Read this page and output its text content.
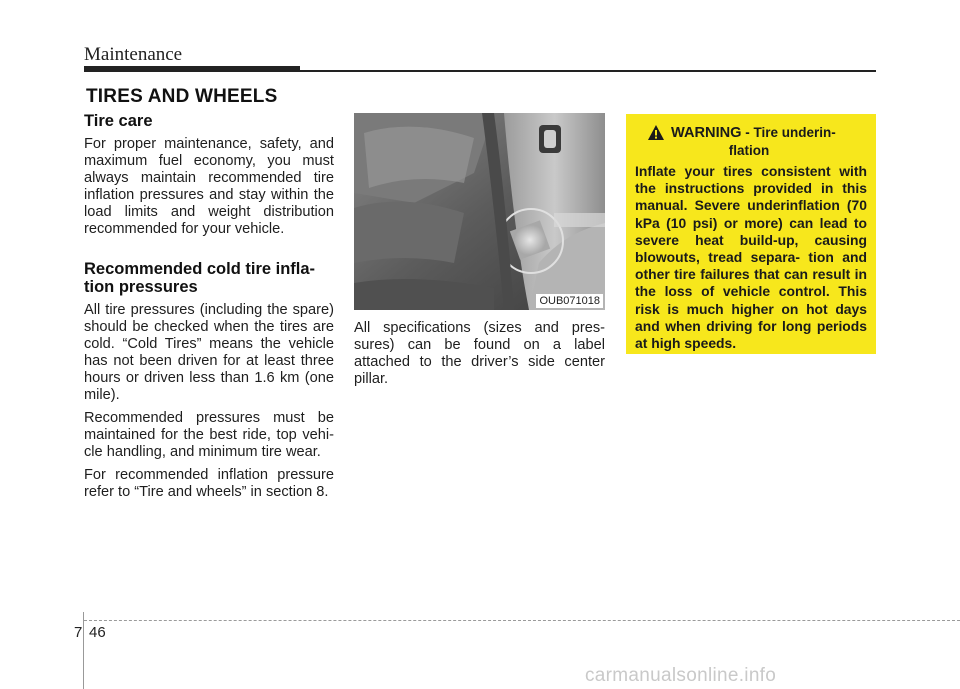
Maintenance
TIRES AND WHEELS

Tire care

For proper maintenance, safety, and maximum fuel economy, you must always maintain recommended tire inflation pressures and stay within the load limits and weight distribution recommended for your vehicle.

Recommended cold tire infla- tion pressures

All tire pressures (including the spare) should be checked when the tires are cold. “Cold Tires” means the vehicle has not been driven for at least three hours or driven less than 1.6 km (one mile).

Recommended pressures must be maintained for the best ride, top vehi- cle handling, and minimum tire wear.

For recommended inflation pressure refer to “Tire and wheels” in section 8.

OUB071018

All specifications (sizes and pres- sures) can be found on a label attached to the driver’s side center pillar.

WARNING - Tire underin-
flation
Inflate your tires consistent with the instructions provided in this manual. Severe underinflation (70 kPa (10 psi) or more) can lead to severe heat build-up, causing blowouts, tread separa- tion and other tire failures that can result in the loss of vehicle control. This risk is much higher on hot days and when driving for long periods at high speeds.
7 46
carmanualsonline.info
